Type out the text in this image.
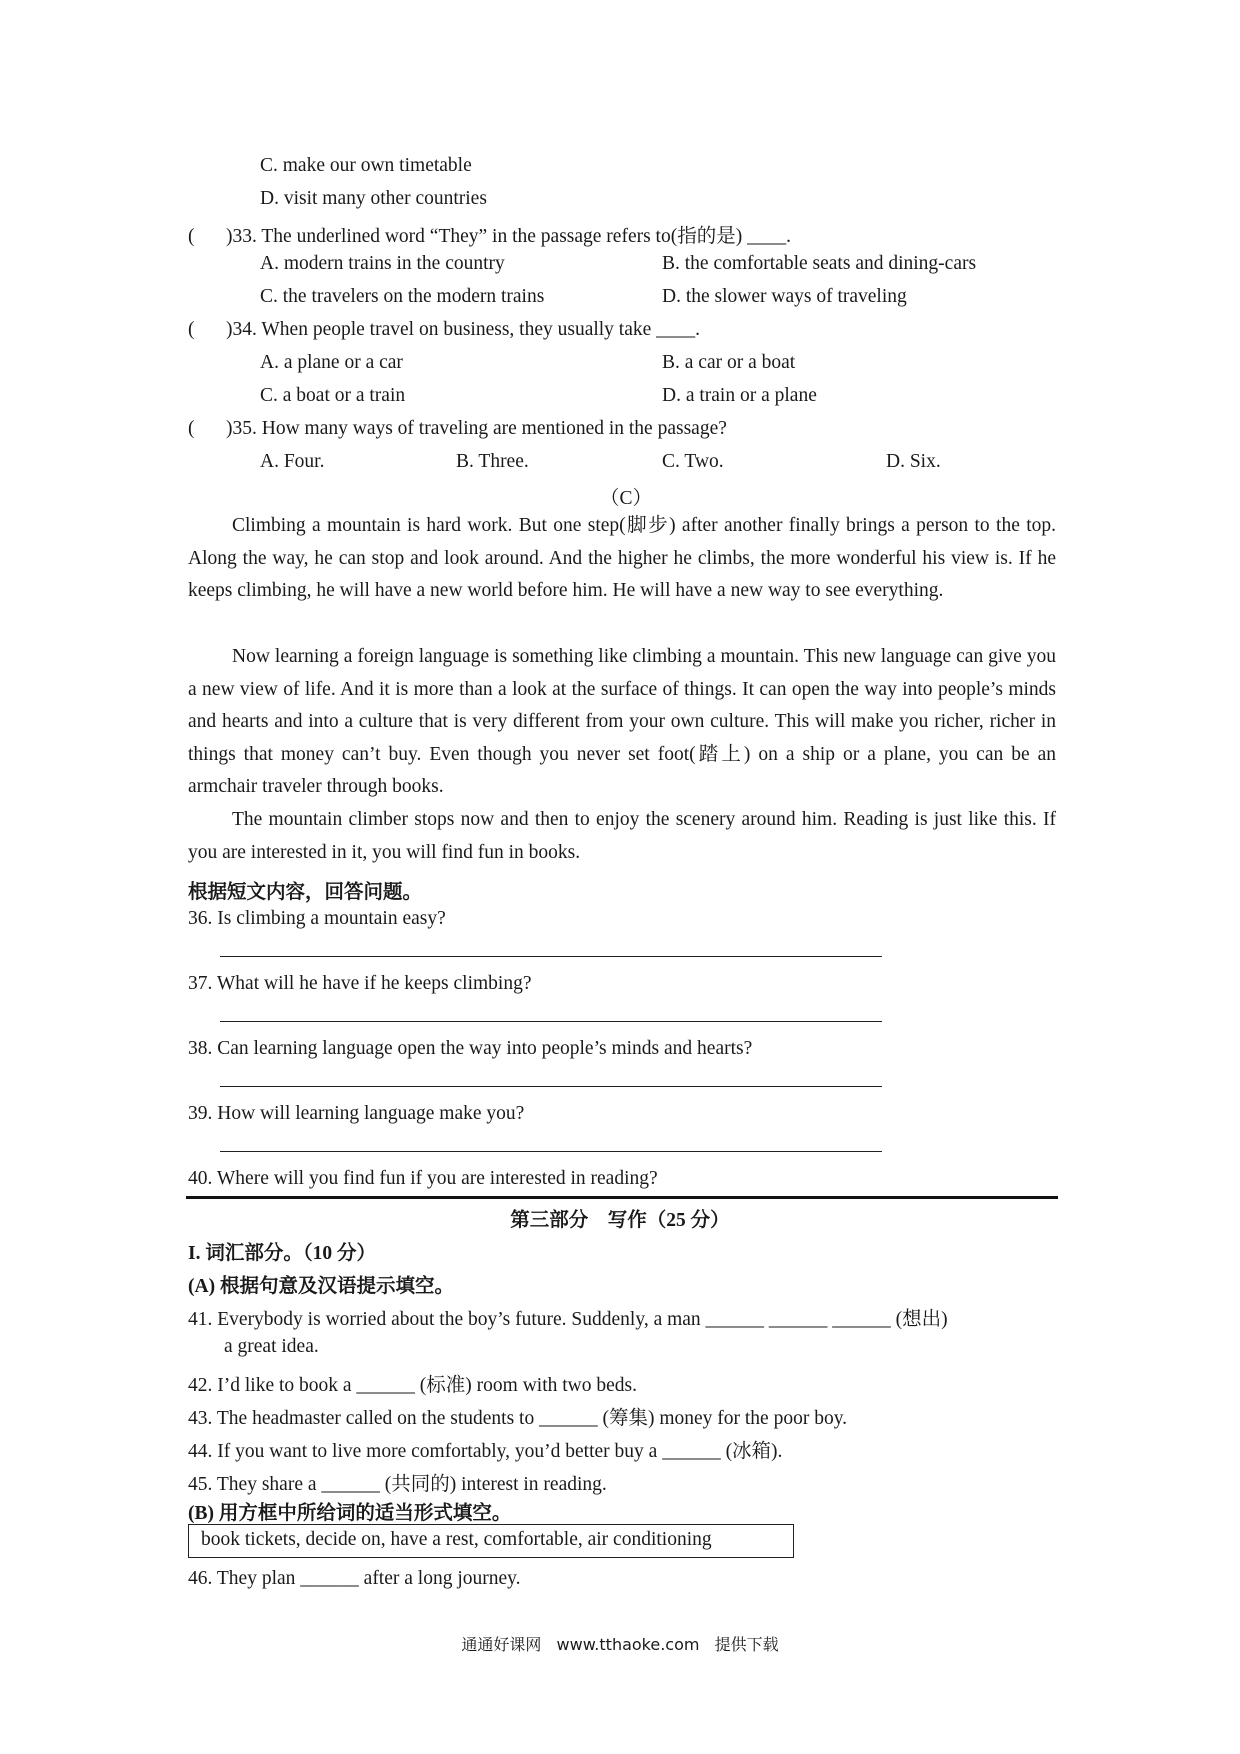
C. make our own timetable
D. visit many other countries
( )33. The underlined word “They” in the passage refers to(指的是) ____.
A. modern trains in the country	B. the comfortable seats and dining-cars
C. the travelers on the modern trains	D. the slower ways of traveling
( )34. When people travel on business, they usually take ____.
A. a plane or a car	B. a car or a boat
C. a boat or a train	D. a train or a plane
( )35. How many ways of traveling are mentioned in the passage?
A. Four.	B. Three.	C. Two.	D. Six.
（C）
Climbing a mountain is hard work. But one step(脚步) after another finally brings a person to the top. Along the way, he can stop and look around. And the higher he climbs, the more wonderful his view is. If he keeps climbing, he will have a new world before him. He will have a new way to see everything.
Now learning a foreign language is something like climbing a mountain. This new language can give you a new view of life. And it is more than a look at the surface of things. It can open the way into people’s minds and hearts and into a culture that is very different from your own culture. This will make you richer, richer in things that money can’t buy. Even though you never set foot(踏上) on a ship or a plane, you can be an armchair traveler through books.
The mountain climber stops now and then to enjoy the scenery around him. Reading is just like this. If you are interested in it, you will find fun in books.
根据短文内容，回答问题。
36. Is climbing a mountain easy?
37. What will he have if he keeps climbing?
38. Can learning language open the way into people’s minds and hearts?
39. How will learning language make you?
40. Where will you find fun if you are interested in reading?
第三部分　写作（25 分）
I. 词汇部分。（10 分）
(A) 根据句意及汉语提示填空。
41. Everybody is worried about the boy’s future. Suddenly, a man ______ ______ ______ (想出)
a great idea.
42. I’d like to book a ______ (标准) room with two beds.
43. The headmaster called on the students to ______ (筹集) money for the poor boy.
44. If you want to live more comfortably, you’d better buy a ______ (冰箱).
45. They share a ______ (共同的) interest in reading.
(B) 用方框中所给词的适当形式填空。
book tickets, decide on, have a rest, comfortable, air conditioning
46. They plan ______ after a long journey.
通通好课网 www.tthaoke.com 提供下载
